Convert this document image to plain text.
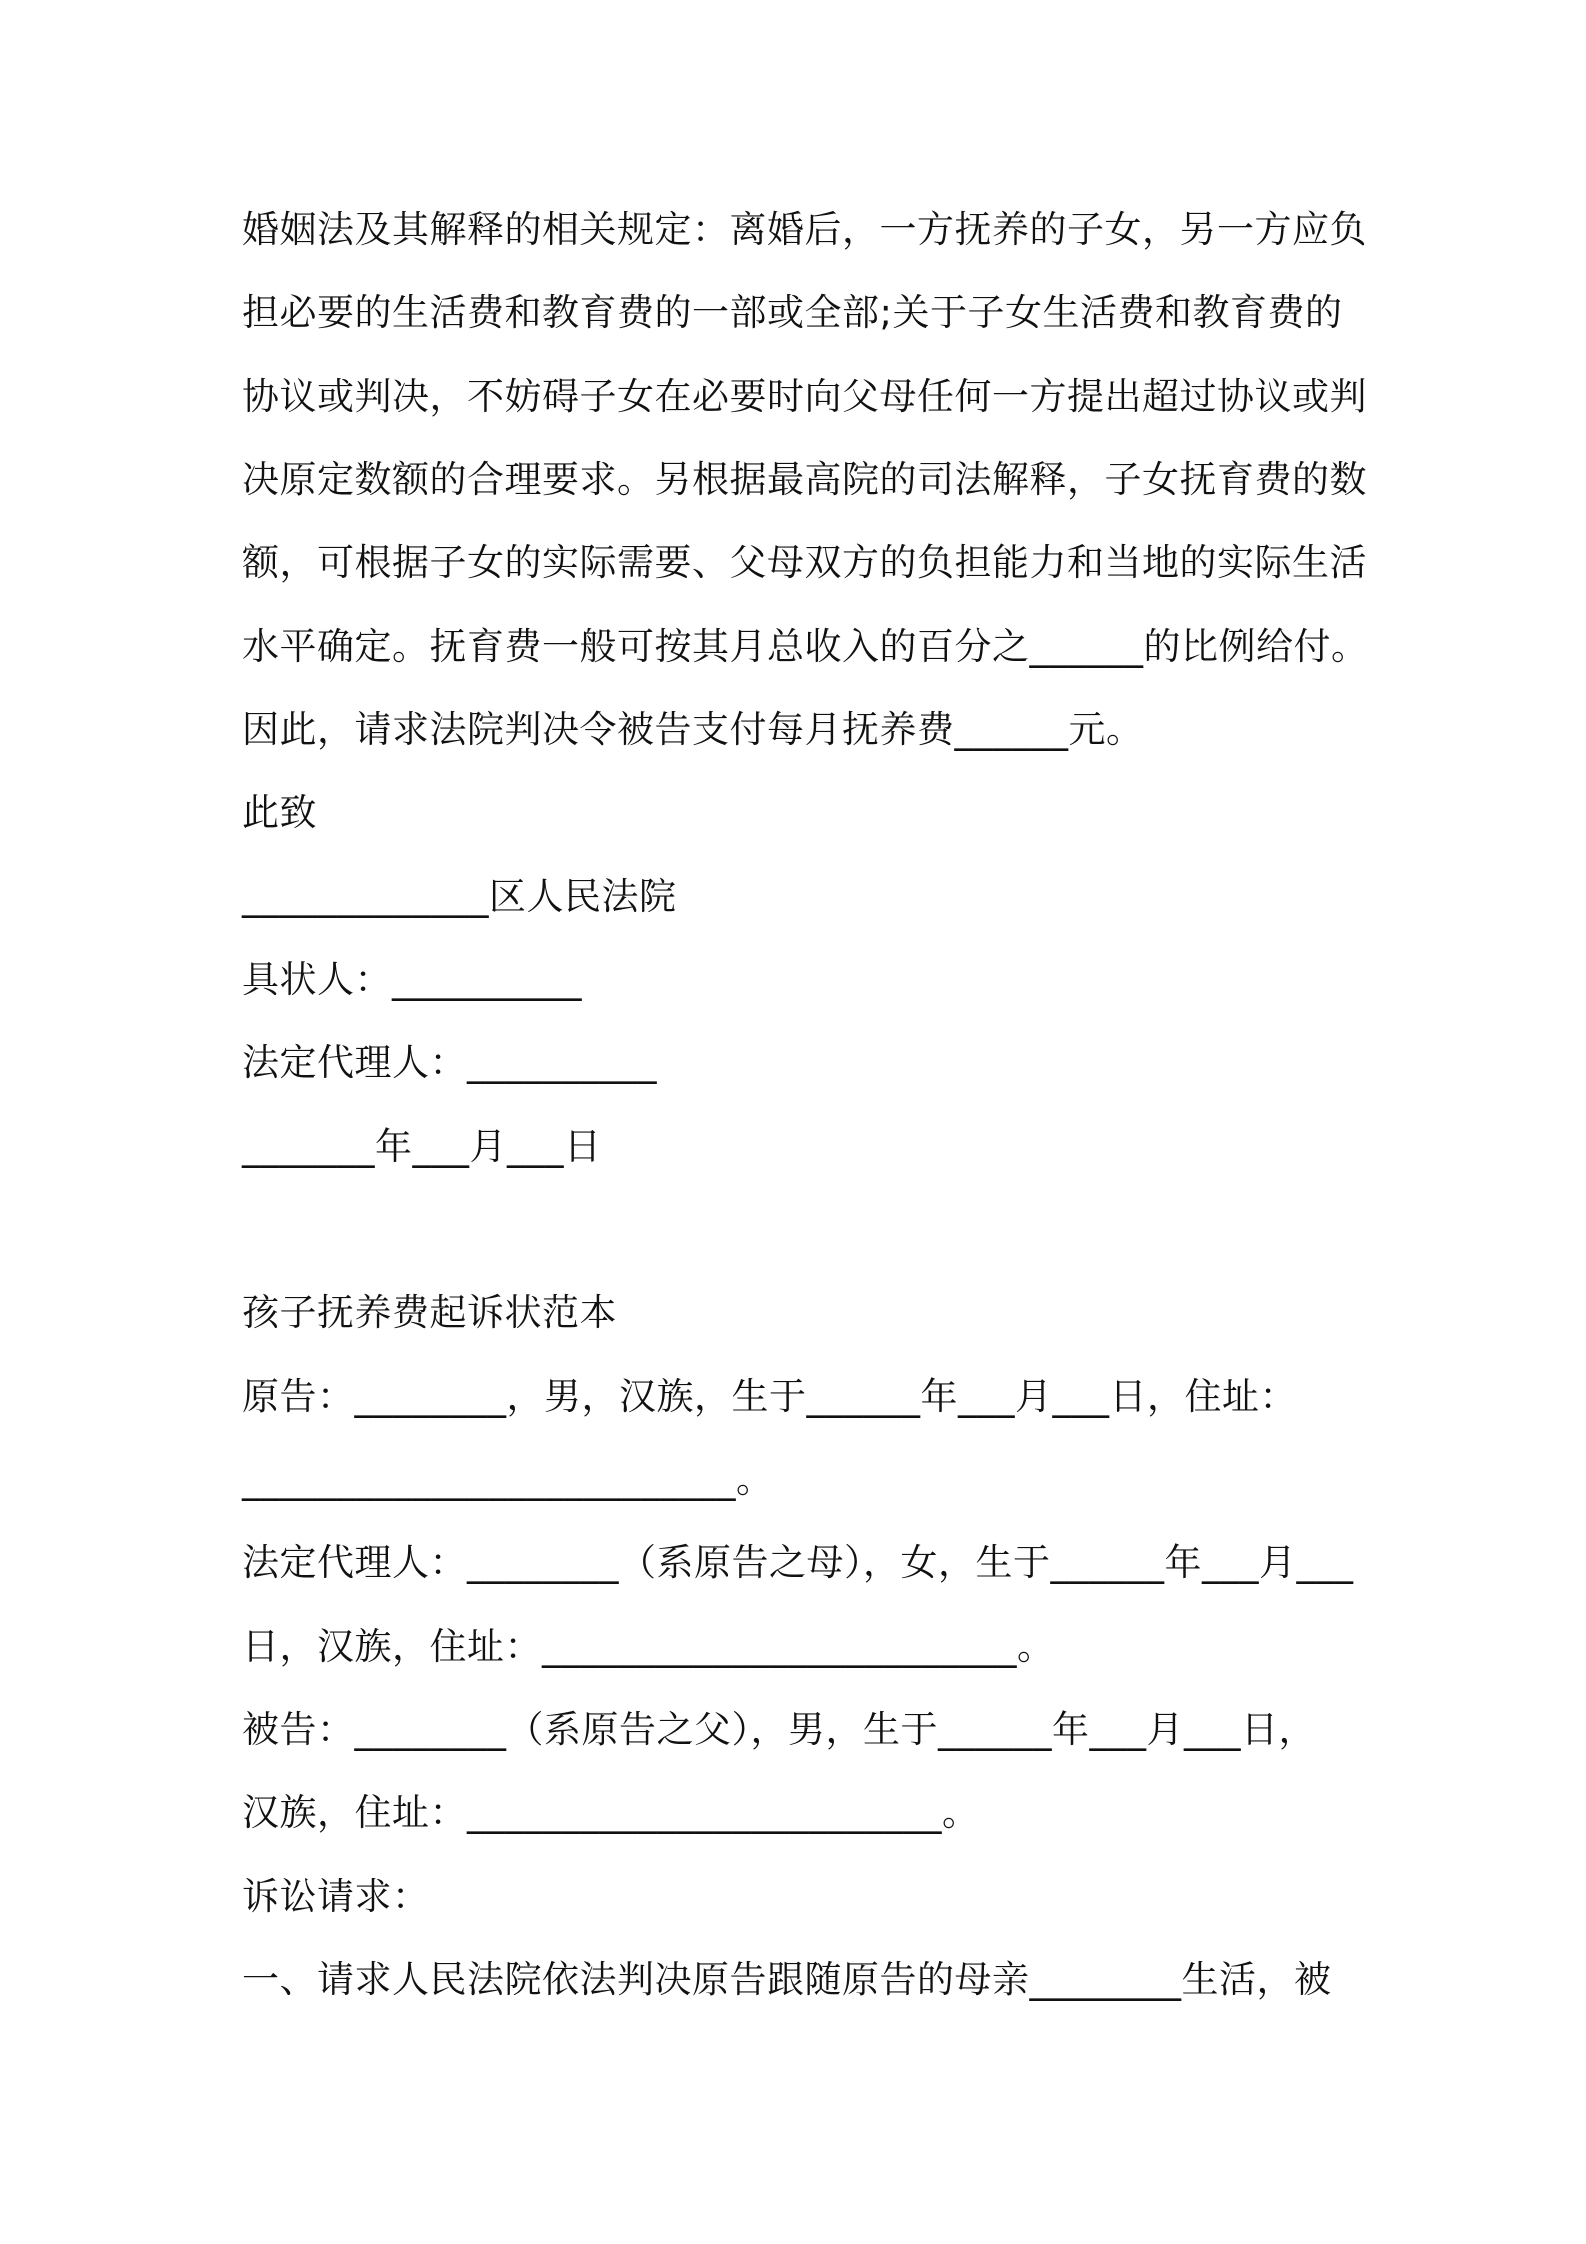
婚姻法及其解释的相关规定：离婚后，一方抚养的子女，另一方应负
担必要的生活费和教育费的一部或全部;关于子女生活费和教育费的
协议或判决，不妨碍子女在必要时向父母任何一方提出超过协议或判
决原定数额的合理要求。另根据最高院的司法解释，子女抚育费的数
额，可根据子女的实际需要、父母双方的负担能力和当地的实际生活
水平确定。抚育费一般可按其月总收入的百分之______的比例给付。
因此，请求法院判决令被告支付每月抚养费______元。
此致
_____________区人民法院
具状人：__________
法定代理人：__________
_______年___月___日
孩子抚养费起诉状范本
原告：________，男，汉族，生于______年___月___日，住址：
__________________________。
法定代理人：________（系原告之母），女，生于______年___月___
日，汉族，住址：_________________________。
被告：________（系原告之父），男，生于______年___月___日，
汉族，住址：_________________________。
诉讼请求：
一、请求人民法院依法判决原告跟随原告的母亲________生活，被
